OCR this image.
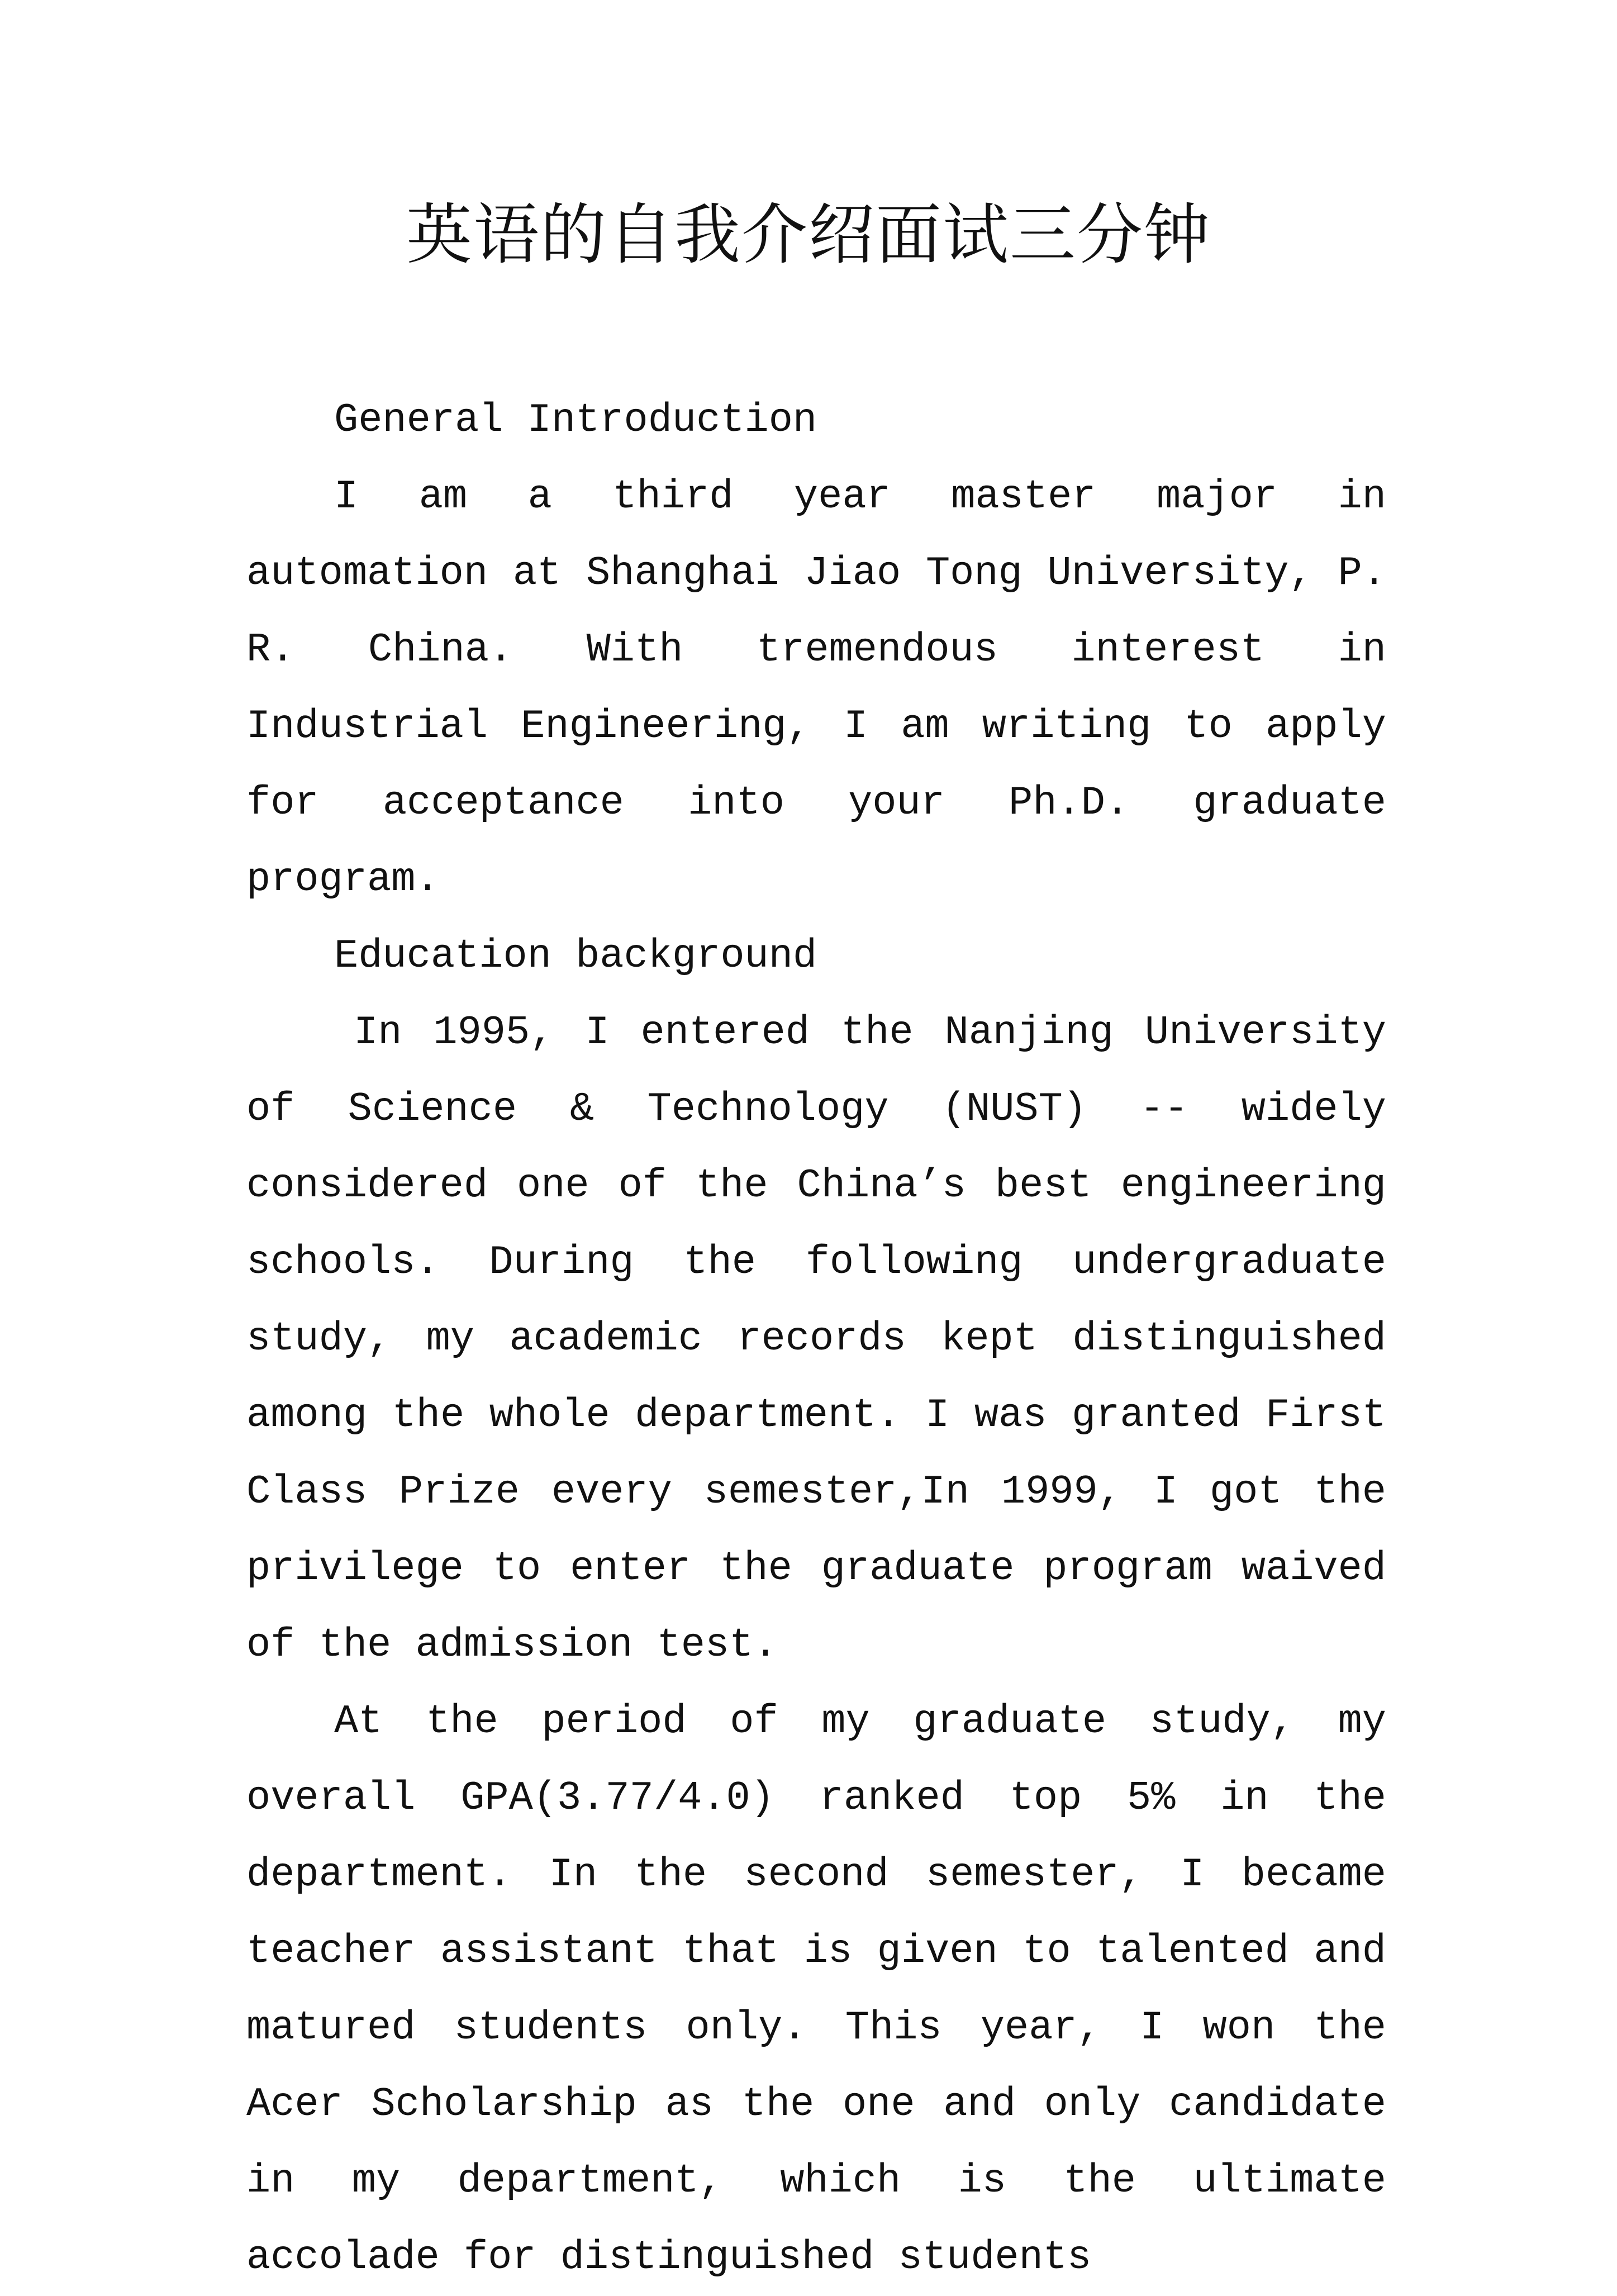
英语的自我介绍面试三分钟
General Introduction

I am a third year master major in automation at Shanghai Jiao Tong University, P. R. China. With tremendous interest in Industrial Engineering, I am writing to apply for acceptance into your Ph.D. graduate program.

Education background

In 1995, I entered the Nanjing University of Science & Technology (NUST) -- widely considered one of the China’s best engineering schools. During the following undergraduate study, my academic records kept distinguished among the whole department. I was granted First Class Prize every semester,In 1999, I got the privilege to enter the graduate program waived of the admission test.

At the period of my graduate study, my overall GPA(3.77/4.0) ranked top 5% in the department. In the second semester, I became teacher assistant that is given to talented and matured students only. This year, I won the Acer Scholarship as the one and only candidate in my department, which is the ultimate accolade for distinguished students
